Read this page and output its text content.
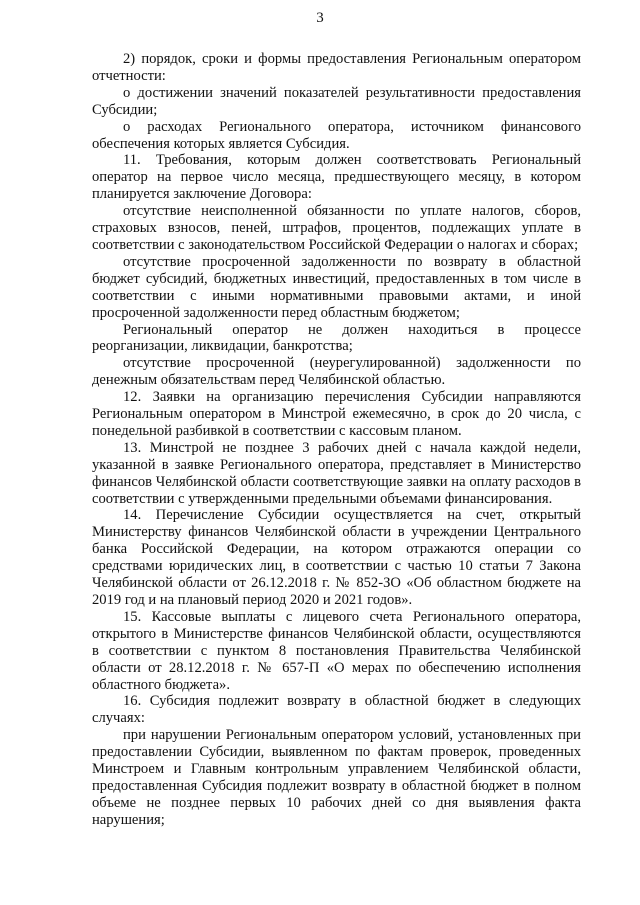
3

2) порядок, сроки и формы предоставления Региональным оператором отчетности:

о достижении значений показателей результативности предоставления Субсидии;

о расходах Регионального оператора, источником финансового обеспечения которых является Субсидия.

11. Требования, которым должен соответствовать Региональный оператор на первое число месяца, предшествующего месяцу, в котором планируется заключение Договора:

отсутствие неисполненной обязанности по уплате налогов, сборов, страховых взносов, пеней, штрафов, процентов, подлежащих уплате в соответствии с законодательством Российской Федерации о налогах и сборах;

отсутствие просроченной задолженности по возврату в областной бюджет субсидий, бюджетных инвестиций, предоставленных в том числе в соответствии с иными нормативными правовыми актами, и иной просроченной задолженности перед областным бюджетом;

Региональный оператор не должен находиться в процессе реорганизации, ликвидации, банкротства;

отсутствие просроченной (неурегулированной) задолженности по денежным обязательствам перед Челябинской областью.

12. Заявки на организацию перечисления Субсидии направляются Региональным оператором в Минстрой ежемесячно, в срок до 20 числа, с понедельной разбивкой в соответствии с кассовым планом.

13. Минстрой не позднее 3 рабочих дней с начала каждой недели, указанной в заявке Регионального оператора, представляет в Министерство финансов Челябинской области соответствующие заявки на оплату расходов в соответствии с утвержденными предельными объемами финансирования.

14. Перечисление Субсидии осуществляется на счет, открытый Министерству финансов Челябинской области в учреждении Центрального банка Российской Федерации, на котором отражаются операции со средствами юридических лиц, в соответствии с частью 10 статьи 7 Закона Челябинской области от 26.12.2018 г. № 852-ЗО «Об областном бюджете на 2019 год и на плановый период 2020 и 2021 годов».

15. Кассовые выплаты с лицевого счета Регионального оператора, открытого в Министерстве финансов Челябинской области, осуществляются в соответствии с пунктом 8 постановления Правительства Челябинской области от 28.12.2018 г. № 657-П «О мерах по обеспечению исполнения областного бюджета».

16. Субсидия подлежит возврату в областной бюджет в следующих случаях:

при нарушении Региональным оператором условий, установленных при предоставлении Субсидии, выявленном по фактам проверок, проведенных Минстроем и Главным контрольным управлением Челябинской области, предоставленная Субсидия подлежит возврату в областной бюджет в полном объеме не позднее первых 10 рабочих дней со дня выявления факта нарушения;
